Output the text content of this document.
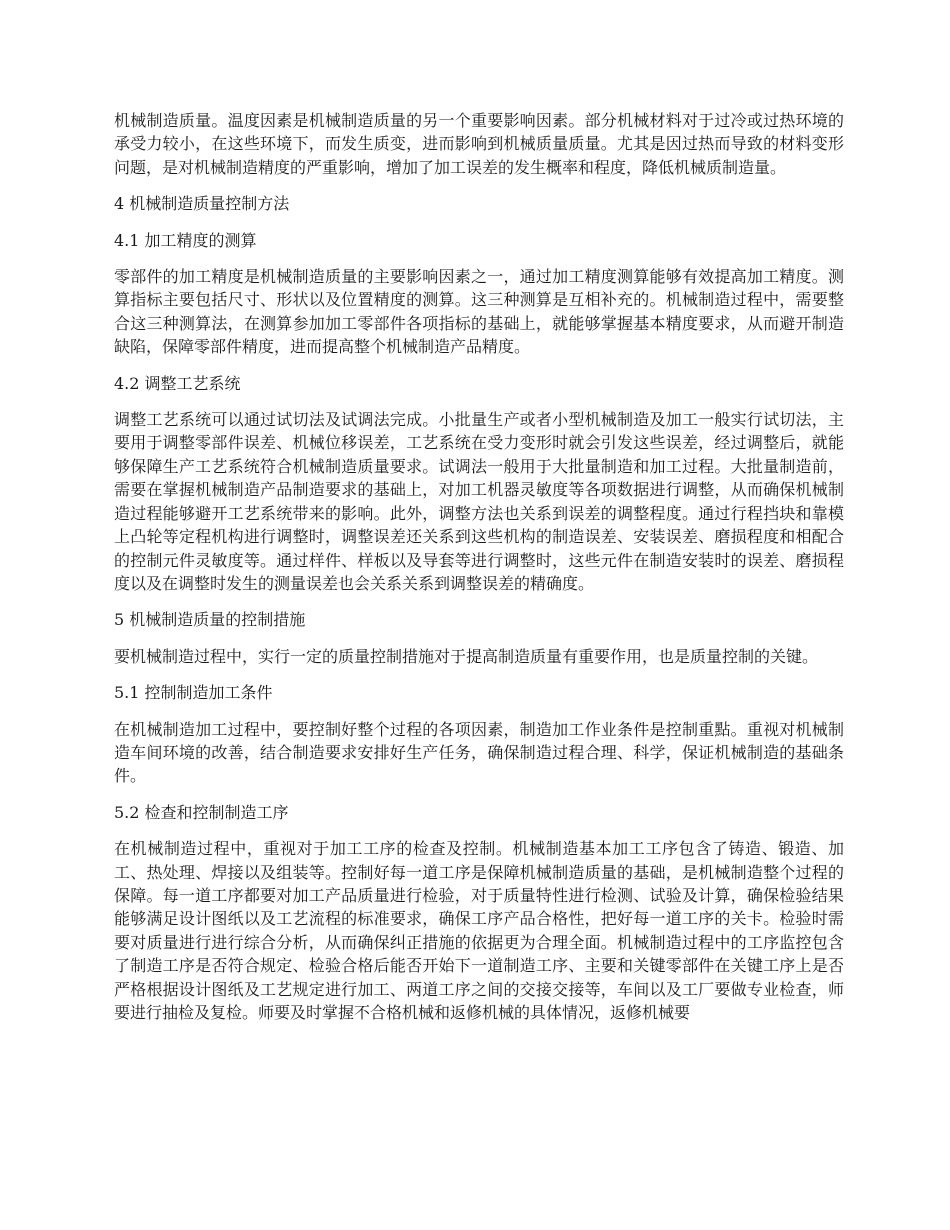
机械制造质量。温度因素是机械制造质量的另一个重要影响因素。部分机械材料对于过冷或过热环境的承受力较小，在这些环境下，而发生质变，进而影响到机械质量质量。尤其是因过热而导致的材料变形问题，是对机械制造精度的严重影响，增加了加工误差的发生概率和程度，降低机械质制造量。

4 机械制造质量控制方法

4.1 加工精度的测算

零部件的加工精度是机械制造质量的主要影响因素之一，通过加工精度测算能够有效提高加工精度。测算指标主要包括尺寸、形状以及位置精度的测算。这三种测算是互相补充的。机械制造过程中，需要整合这三种测算法，在测算参加加工零部件各项指标的基础上，就能够掌握基本精度要求，从而避开制造缺陷，保障零部件精度，进而提高整个机械制造产品精度。

4.2 调整工艺系统

调整工艺系统可以通过试切法及试调法完成。小批量生产或者小型机械制造及加工一般实行试切法，主要用于调整零部件误差、机械位移误差，工艺系统在受力变形时就会引发这些误差，经过调整后，就能够保障生产工艺系统符合机械制造质量要求。试调法一般用于大批量制造和加工过程。大批量制造前，需要在掌握机械制造产品制造要求的基础上，对加工机器灵敏度等各项数据进行调整，从而确保机械制造过程能够避开工艺系统带来的影响。此外，调整方法也关系到误差的调整程度。通过行程挡块和靠模上凸轮等定程机构进行调整时，调整误差还关系到这些机构的制造误差、安装误差、磨损程度和相配合的控制元件灵敏度等。通过样件、样板以及导套等进行调整时，这些元件在制造安装时的误差、磨损程度以及在调整时发生的测量误差也会关系关系到调整误差的精确度。

5 机械制造质量的控制措施

要机械制造过程中，实行一定的质量控制措施对于提高制造质量有重要作用，也是质量控制的关键。

5.1 控制制造加工条件

在机械制造加工过程中，要控制好整个过程的各项因素，制造加工作业条件是控制重點。重视对机械制造车间环境的改善，结合制造要求安排好生产任务，确保制造过程合理、科学，保证机械制造的基础条件。

5.2 检查和控制制造工序

在机械制造过程中，重视对于加工工序的检查及控制。机械制造基本加工工序包含了铸造、锻造、加工、热处理、焊接以及组装等。控制好每一道工序是保障机械制造质量的基础，是机械制造整个过程的保障。每一道工序都要对加工产品质量进行检验，对于质量特性进行检测、试验及计算，确保检验结果能够满足设计图纸以及工艺流程的标准要求，确保工序产品合格性，把好每一道工序的关卡。检验时需要对质量进行进行综合分析，从而确保纠正措施的依据更为合理全面。机械制造过程中的工序监控包含了制造工序是否符合规定、检验合格后能否开始下一道制造工序、主要和关键零部件在关键工序上是否严格根据设计图纸及工艺规定进行加工、两道工序之间的交接交接等，车间以及工厂要做专业检查，师要进行抽检及复检。师要及时掌握不合格机械和返修机械的具体情况，返修机械要
